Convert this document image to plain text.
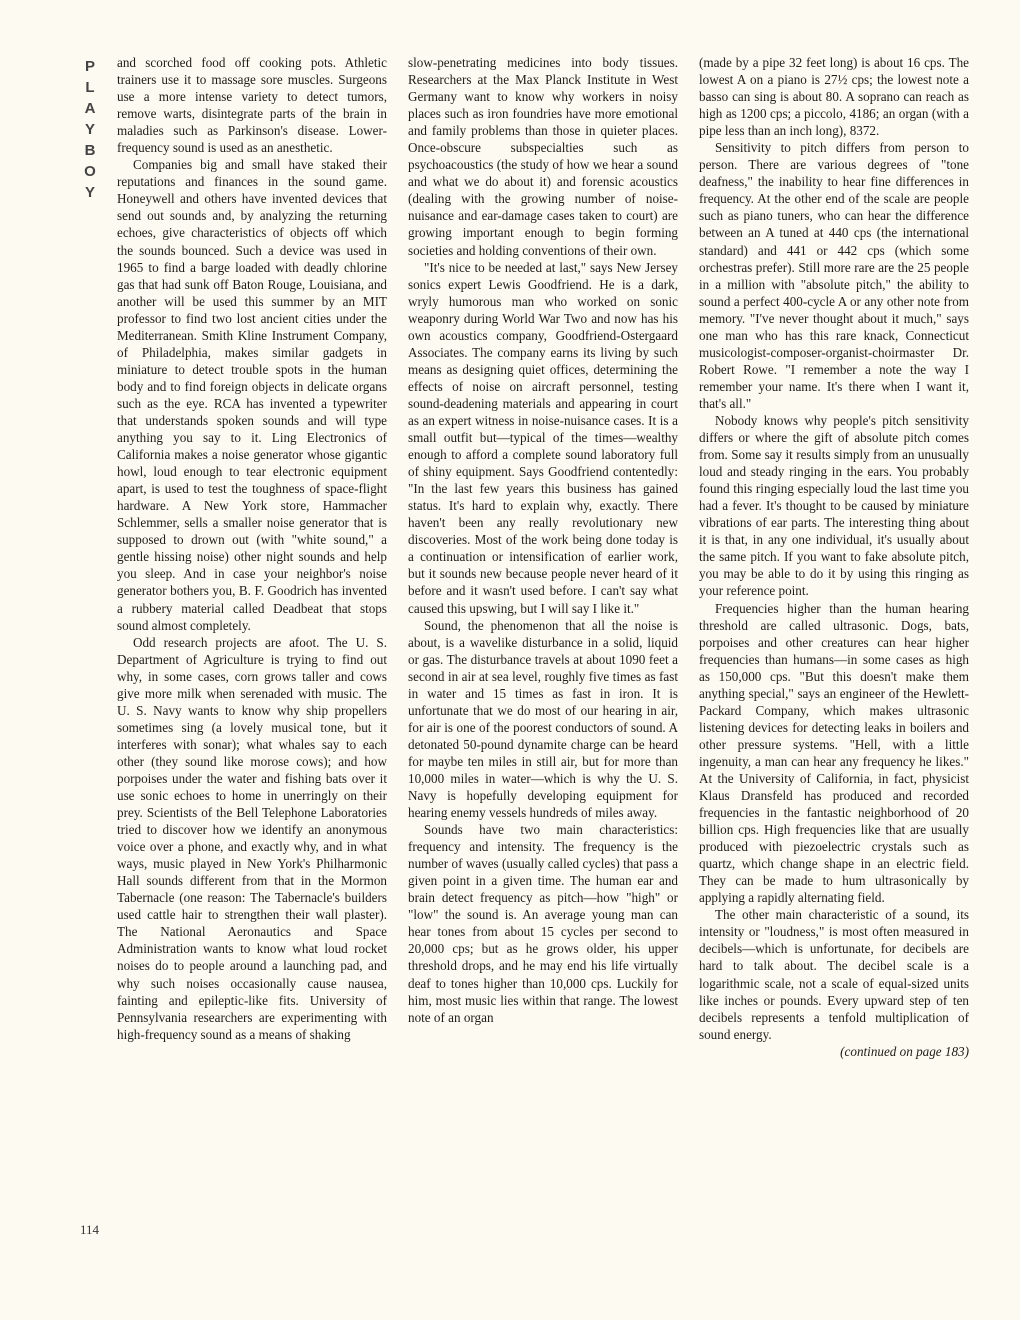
P
L
A
Y
B
O
Y

and scorched food off cooking pots. Athletic trainers use it to massage sore muscles. Surgeons use a more intense variety to detect tumors, remove warts, disintegrate parts of the brain in maladies such as Parkinson's disease. Lower-frequency sound is used as an anesthetic.

Companies big and small have staked their reputations and finances in the sound game. Honeywell and others have invented devices that send out sounds and, by analyzing the returning echoes, give characteristics of objects off which the sounds bounced. Such a device was used in 1965 to find a barge loaded with deadly chlorine gas that had sunk off Baton Rouge, Louisiana, and another will be used this summer by an MIT professor to find two lost ancient cities under the Mediterranean. Smith Kline Instrument Company, of Philadelphia, makes similar gadgets in miniature to detect trouble spots in the human body and to find foreign objects in delicate organs such as the eye. RCA has invented a typewriter that understands spoken sounds and will type anything you say to it. Ling Electronics of California makes a noise generator whose gigantic howl, loud enough to tear electronic equipment apart, is used to test the toughness of space-flight hardware. A New York store, Hammacher Schlemmer, sells a smaller noise generator that is supposed to drown out (with "white sound," a gentle hissing noise) other night sounds and help you sleep. And in case your neighbor's noise generator bothers you, B. F. Goodrich has invented a rubbery material called Deadbeat that stops sound almost completely.

Odd research projects are afoot. The U. S. Department of Agriculture is trying to find out why, in some cases, corn grows taller and cows give more milk when serenaded with music. The U. S. Navy wants to know why ship propellers sometimes sing (a lovely musical tone, but it interferes with sonar); what whales say to each other (they sound like morose cows); and how porpoises under the water and fishing bats over it use sonic echoes to home in unerringly on their prey. Scientists of the Bell Telephone Laboratories tried to discover how we identify an anonymous voice over a phone, and exactly why, and in what ways, music played in New York's Philharmonic Hall sounds different from that in the Mormon Tabernacle (one reason: The Tabernacle's builders used cattle hair to strengthen their wall plaster). The National Aeronautics and Space Administration wants to know what loud rocket noises do to people around a launching pad, and why such noises occasionally cause nausea, fainting and epileptic-like fits. University of Pennsylvania researchers are experimenting with high-frequency sound as a means of shaking

slow-penetrating medicines into body tissues. Researchers at the Max Planck Institute in West Germany want to know why workers in noisy places such as iron foundries have more emotional and family problems than those in quieter places. Once-obscure subspecialties such as psychoacoustics (the study of how we hear a sound and what we do about it) and forensic acoustics (dealing with the growing number of noise-nuisance and ear-damage cases taken to court) are growing important enough to begin forming societies and holding conventions of their own.

"It's nice to be needed at last," says New Jersey sonics expert Lewis Goodfriend. He is a dark, wryly humorous man who worked on sonic weaponry during World War Two and now has his own acoustics company, Goodfriend-Ostergaard Associates. The company earns its living by such means as designing quiet offices, determining the effects of noise on aircraft personnel, testing sound-deadening materials and appearing in court as an expert witness in noise-nuisance cases. It is a small outfit but—typical of the times—wealthy enough to afford a complete sound laboratory full of shiny equipment. Says Goodfriend contentedly: "In the last few years this business has gained status. It's hard to explain why, exactly. There haven't been any really revolutionary new discoveries. Most of the work being done today is a continuation or intensification of earlier work, but it sounds new because people never heard of it before and it wasn't used before. I can't say what caused this upswing, but I will say I like it."

Sound, the phenomenon that all the noise is about, is a wavelike disturbance in a solid, liquid or gas. The disturbance travels at about 1090 feet a second in air at sea level, roughly five times as fast in water and 15 times as fast in iron. It is unfortunate that we do most of our hearing in air, for air is one of the poorest conductors of sound. A detonated 50-pound dynamite charge can be heard for maybe ten miles in still air, but for more than 10,000 miles in water—which is why the U. S. Navy is hopefully developing equipment for hearing enemy vessels hundreds of miles away.

Sounds have two main characteristics: frequency and intensity. The frequency is the number of waves (usually called cycles) that pass a given point in a given time. The human ear and brain detect frequency as pitch—how "high" or "low" the sound is. An average young man can hear tones from about 15 cycles per second to 20,000 cps; but as he grows older, his upper threshold drops, and he may end his life virtually deaf to tones higher than 10,000 cps. Luckily for him, most music lies within that range. The lowest note of an organ

(made by a pipe 32 feet long) is about 16 cps. The lowest A on a piano is 27½ cps; the lowest note a basso can sing is about 80. A soprano can reach as high as 1200 cps; a piccolo, 4186; an organ (with a pipe less than an inch long), 8372.

Sensitivity to pitch differs from person to person. There are various degrees of "tone deafness," the inability to hear fine differences in frequency. At the other end of the scale are people such as piano tuners, who can hear the difference between an A tuned at 440 cps (the international standard) and 441 or 442 cps (which some orchestras prefer). Still more rare are the 25 people in a million with "absolute pitch," the ability to sound a perfect 400-cycle A or any other note from memory. "I've never thought about it much," says one man who has this rare knack, Connecticut musicologist-composer-organist-choirmaster Dr. Robert Rowe. "I remember a note the way I remember your name. It's there when I want it, that's all."

Nobody knows why people's pitch sensitivity differs or where the gift of absolute pitch comes from. Some say it results simply from an unusually loud and steady ringing in the ears. You probably found this ringing especially loud the last time you had a fever. It's thought to be caused by miniature vibrations of ear parts. The interesting thing about it is that, in any one individual, it's usually about the same pitch. If you want to fake absolute pitch, you may be able to do it by using this ringing as your reference point.

Frequencies higher than the human hearing threshold are called ultrasonic. Dogs, bats, porpoises and other creatures can hear higher frequencies than humans—in some cases as high as 150,000 cps. "But this doesn't make them anything special," says an engineer of the Hewlett-Packard Company, which makes ultrasonic listening devices for detecting leaks in boilers and other pressure systems. "Hell, with a little ingenuity, a man can hear any frequency he likes." At the University of California, in fact, physicist Klaus Dransfeld has produced and recorded frequencies in the fantastic neighborhood of 20 billion cps. High frequencies like that are usually produced with piezoelectric crystals such as quartz, which change shape in an electric field. They can be made to hum ultrasonically by applying a rapidly alternating field.

The other main characteristic of a sound, its intensity or "loudness," is most often measured in decibels—which is unfortunate, for decibels are hard to talk about. The decibel scale is a logarithmic scale, not a scale of equal-sized units like inches or pounds. Every upward step of ten decibels represents a tenfold multiplication of sound energy.

(continued on page 183)

114
